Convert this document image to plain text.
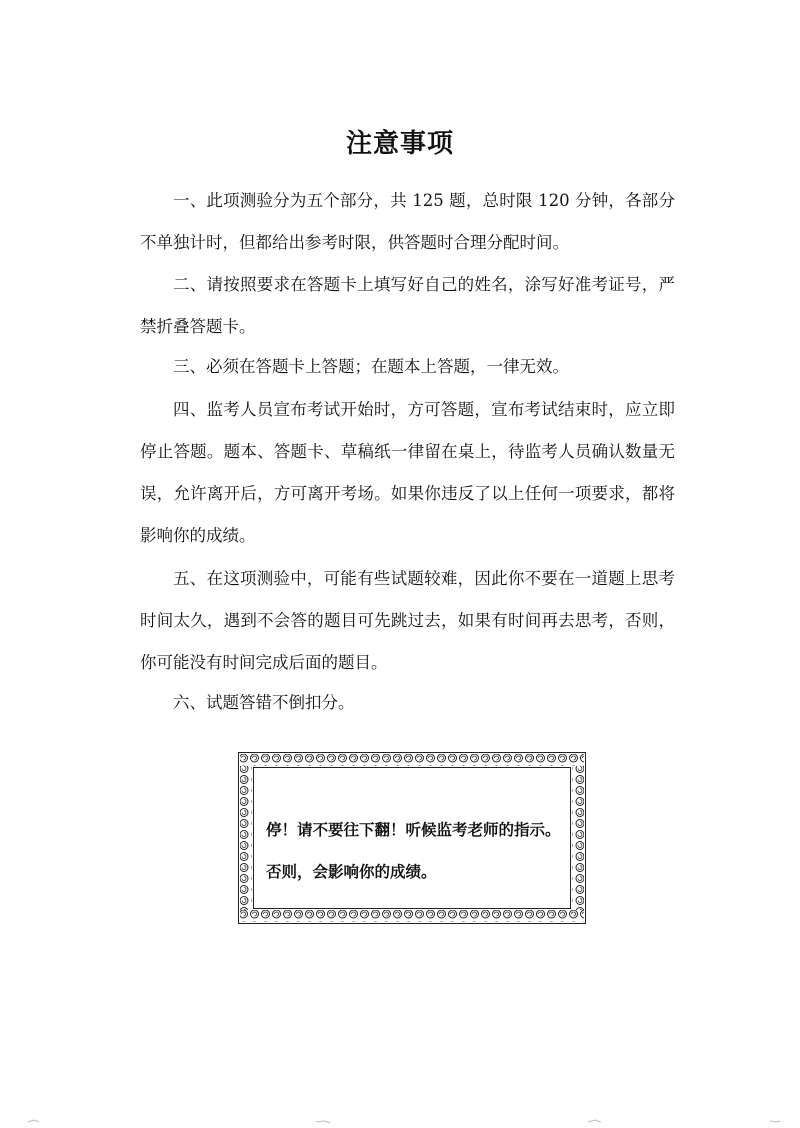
注意事项
一、此项测验分为五个部分，共 125 题，总时限 120 分钟，各部分不单独计时，但都给出参考时限，供答题时合理分配时间。
二、请按照要求在答题卡上填写好自己的姓名，涂写好准考证号，严禁折叠答题卡。
三、必须在答题卡上答题；在题本上答题，一律无效。
四、监考人员宣布考试开始时，方可答题，宣布考试结束时，应立即停止答题。题本、答题卡、草稿纸一律留在桌上，待监考人员确认数量无误，允许离开后，方可离开考场。如果你违反了以上任何一项要求，都将影响你的成绩。
五、在这项测验中，可能有些试题较难，因此你不要在一道题上思考时间太久，遇到不会答的题目可先跳过去，如果有时间再去思考，否则，你可能没有时间完成后面的题目。
六、试题答错不倒扣分。
停！请不要往下翻！听候监考老师的指示。
否则，会影响你的成绩。
